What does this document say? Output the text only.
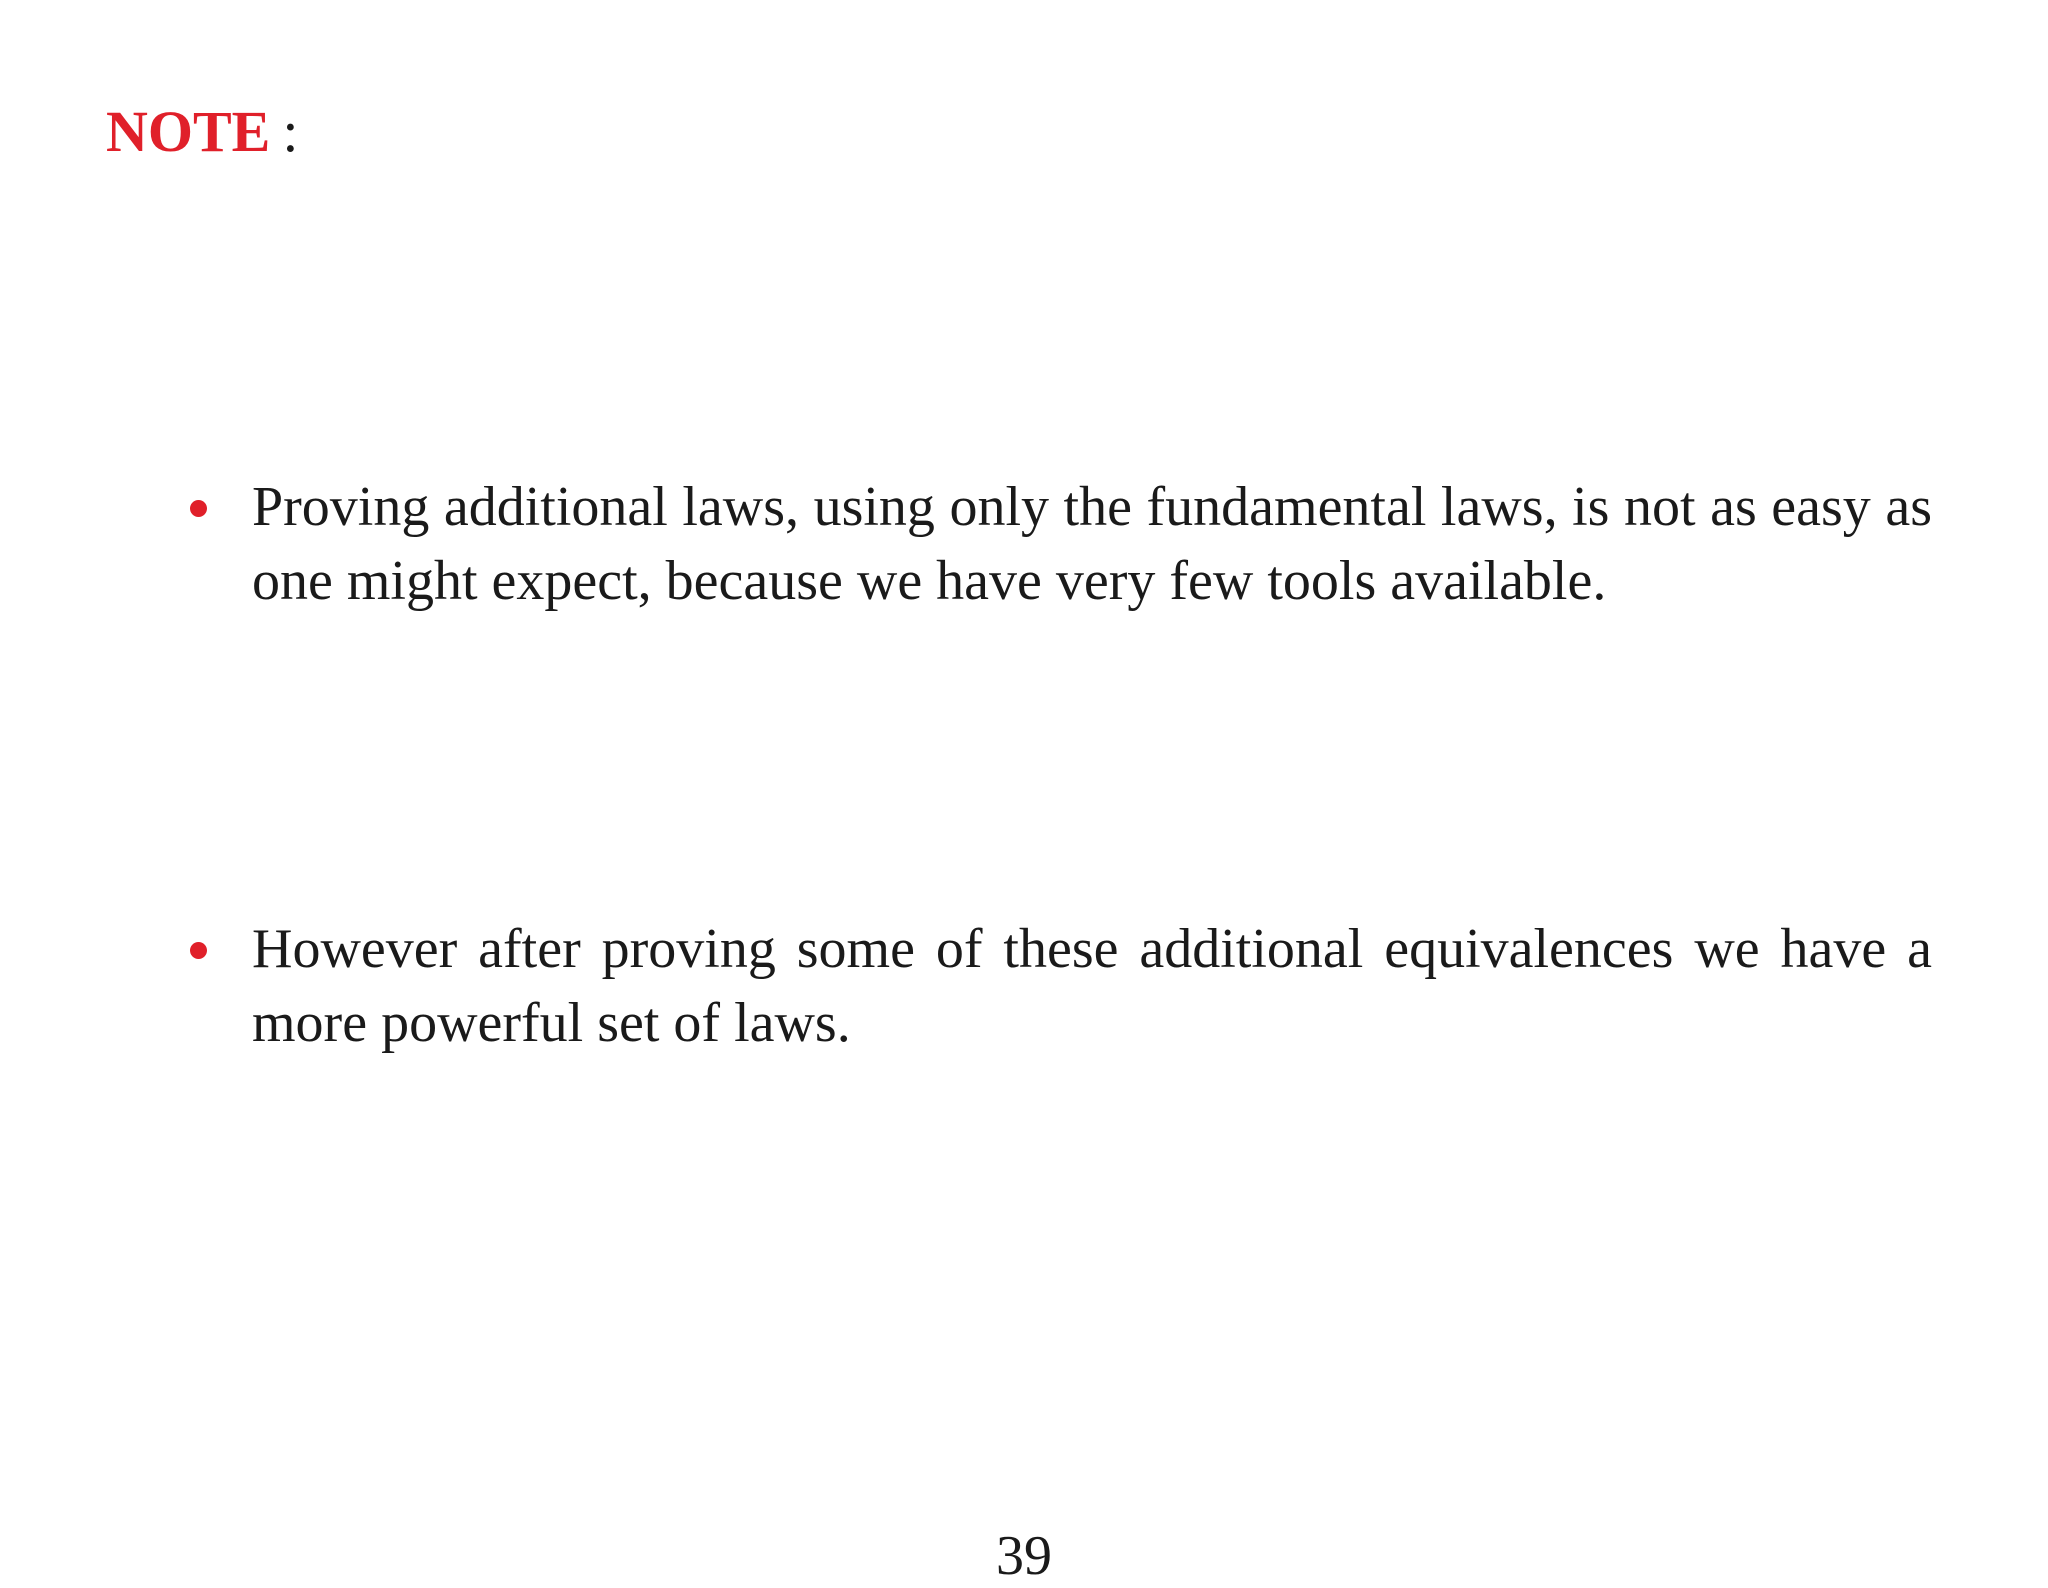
NOTE :
Proving additional laws, using only the fundamental laws, is not as easy as one might expect, because we have very few tools available.
However after proving some of these additional equivalences we have a more powerful set of laws.
39
